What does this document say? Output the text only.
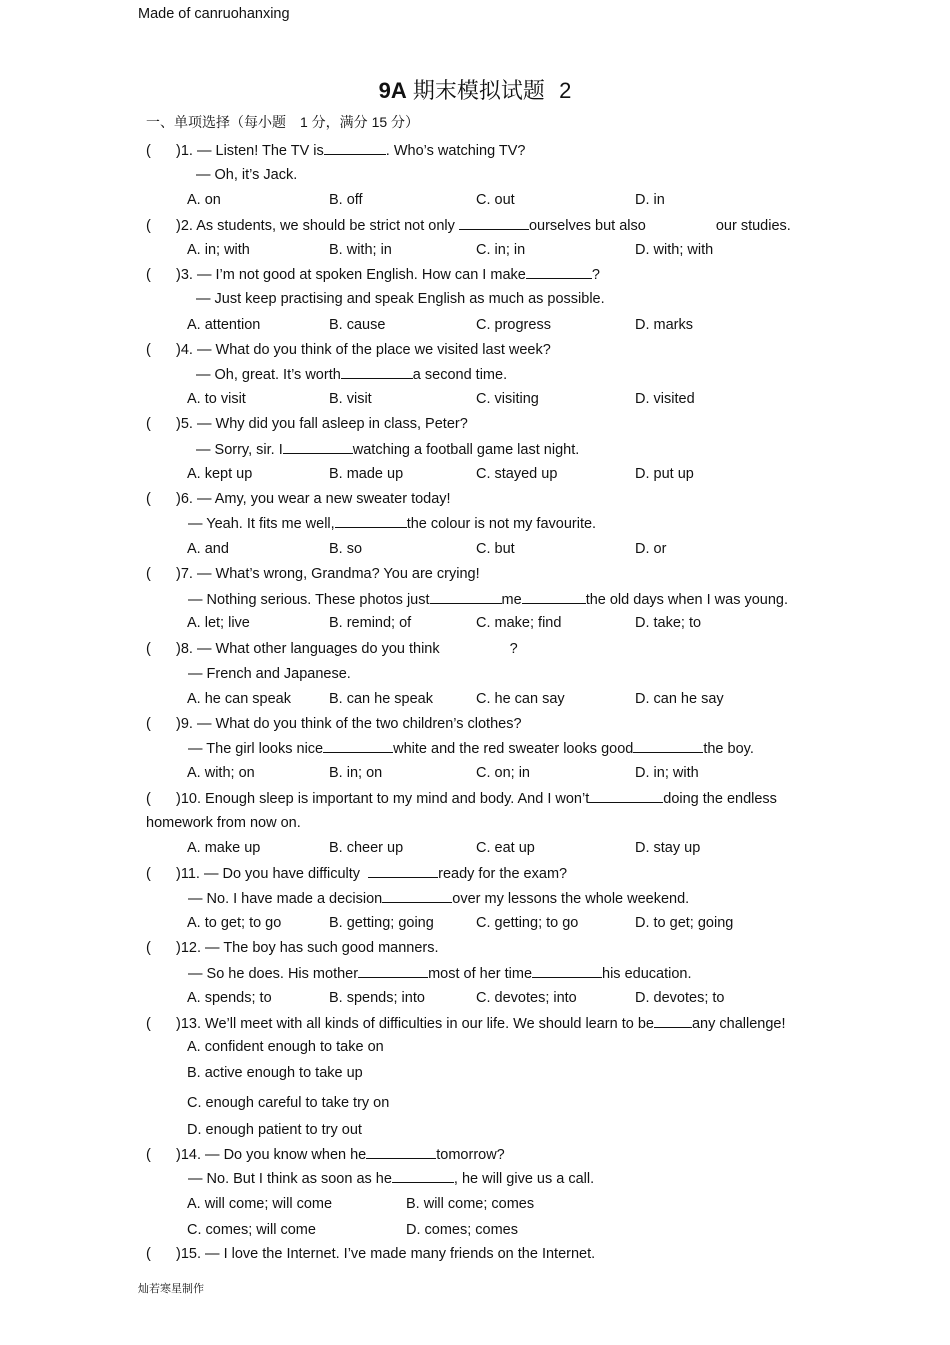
Made of canruohanxing
9A 期末模拟试题 2
一、单项选择（每小题　1 分，满分 15 分）
( )1. — Listen! The TV is	. Who’s watching TV?
— Oh, it’s Jack.
A. on	B. off	C. out	D. in
( )2. As students, we should be strict not only	ourselves but also	our studies.
A. in; with	B. with; in	C. in; in	D. with; with
( )3. — I’m not good at spoken English. How can I make	?
— Just keep practising and speak English as much as possible.
A. attention	B. cause	C. progress	D. marks
( )4. — What do you think of the place we visited last week?
— Oh, great. It’s worth	a second time.
A. to visit	B. visit	C. visiting	D. visited
( )5. — Why did you fall asleep in class, Peter?
— Sorry, sir. I	watching a football game last night.
A. kept up	B. made up	C. stayed up	D. put up
( )6. — Amy, you wear a new sweater today!
— Yeah. It fits me well,	the colour is not my favourite.
A. and	B. so	C. but	D. or
( )7. — What’s wrong, Grandma? You are crying!
— Nothing serious. These photos just	me	the old days when I was young.
A. let; live	B. remind; of	C. make; find	D. take; to
( )8. — What other languages do you think	?
— French and Japanese.
A. he can speak	B. can he speak	C. he can say	D. can he say
( )9. — What do you think of the two children’s clothes?
— The girl looks nice	white and the red sweater looks good	the boy.
A. with; on	B. in; on	C. on; in	D. in; with
( )10. Enough sleep is important to my mind and body. And I won’t	doing the endless
homework from now on.
A. make up	B. cheer up	C. eat up	D. stay up
( )11. — Do you have difficulty	ready for the exam?
— No. I have made a decision	over my lessons the whole weekend.
A. to get; to go	B. getting; going	C. getting; to go	D. to get; going
( )12. — The boy has such good manners.
— So he does. His mother	most of her time	his education.
A. spends; to	B. spends; into	C. devotes; into	D. devotes; to
( )13. We’ll meet with all kinds of difficulties in our life. We should learn to be	any challenge!
A. confident enough to take on
B. active enough to take up
C. enough careful to take try on
D. enough patient to try out
( )14. — Do you know when he	tomorrow?
— No. But I think as soon as he	, he will give us a call.
A. will come; will come	B. will come; comes
C. comes; will come	D. comes; comes
( )15. — I love the Internet. I’ve made many friends on the Internet.
灿若寒星制作
